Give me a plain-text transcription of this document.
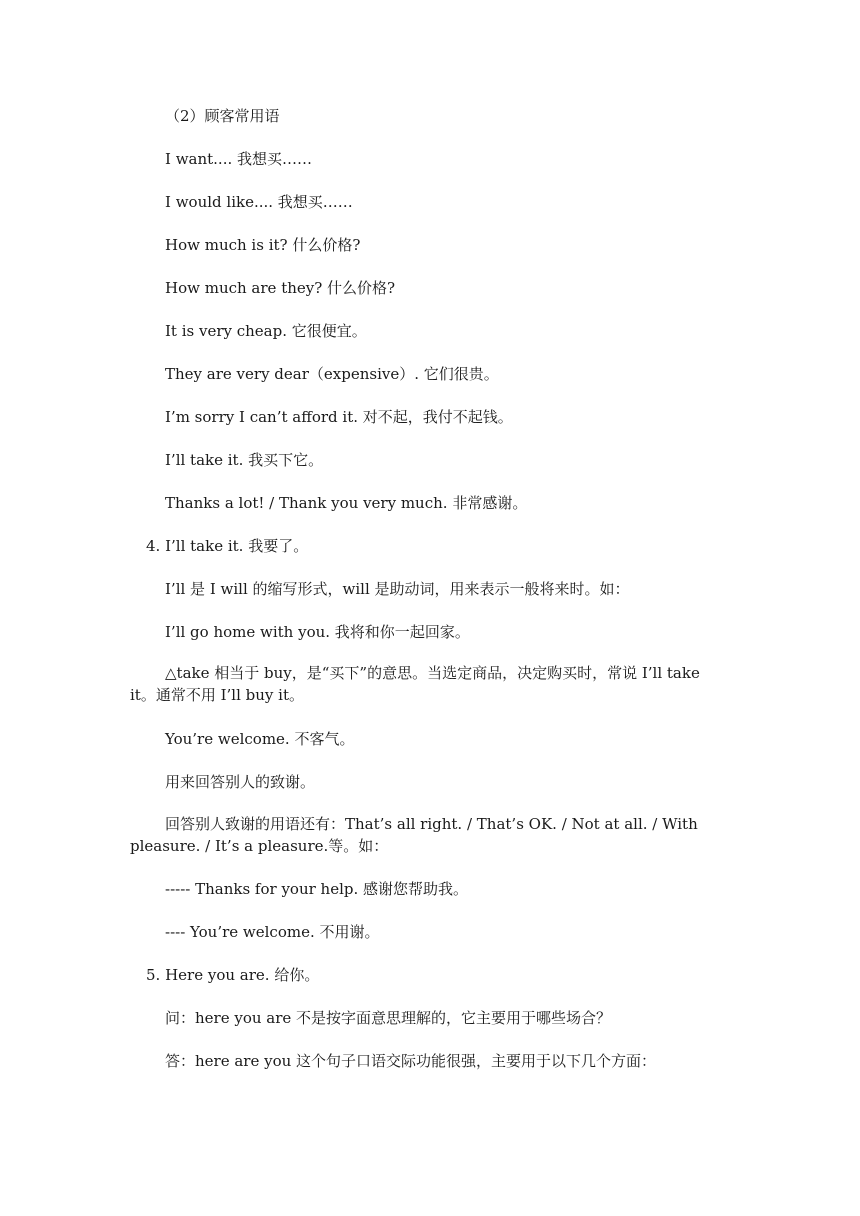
（2）顾客常用语
I want.... 我想买……
I would like.... 我想买……
How much is it? 什么价格?
How much are they? 什么价格?
It is very cheap. 它很便宜。
They are very dear（expensive）. 它们很贵。
I’m sorry I can’t afford it. 对不起，我付不起钱。
I’ll take it. 我买下它。
Thanks a lot! / Thank you very much. 非常感谢。
4. I’ll take it. 我要了。
I’ll 是 I will 的缩写形式，will 是助动词，用来表示一般将来时。如：
I’ll go home with you. 我将和你一起回家。
△take 相当于 buy，是“买下”的意思。当选定商品，决定购买时，常说 I’ll take it。通常不用 I’ll buy it。
You’re welcome. 不客气。
用来回答别人的致谢。
回答别人致谢的用语还有：That’s all right. / That’s OK. / Not at all. / With pleasure. / It’s a pleasure.等。如：
----- Thanks for your help. 感谢您帮助我。
---- You’re welcome. 不用谢。
5. Here you are. 给你。
问：here you are 不是按字面意思理解的，它主要用于哪些场合？
答：here are you 这个句子口语交际功能很强，主要用于以下几个方面：
